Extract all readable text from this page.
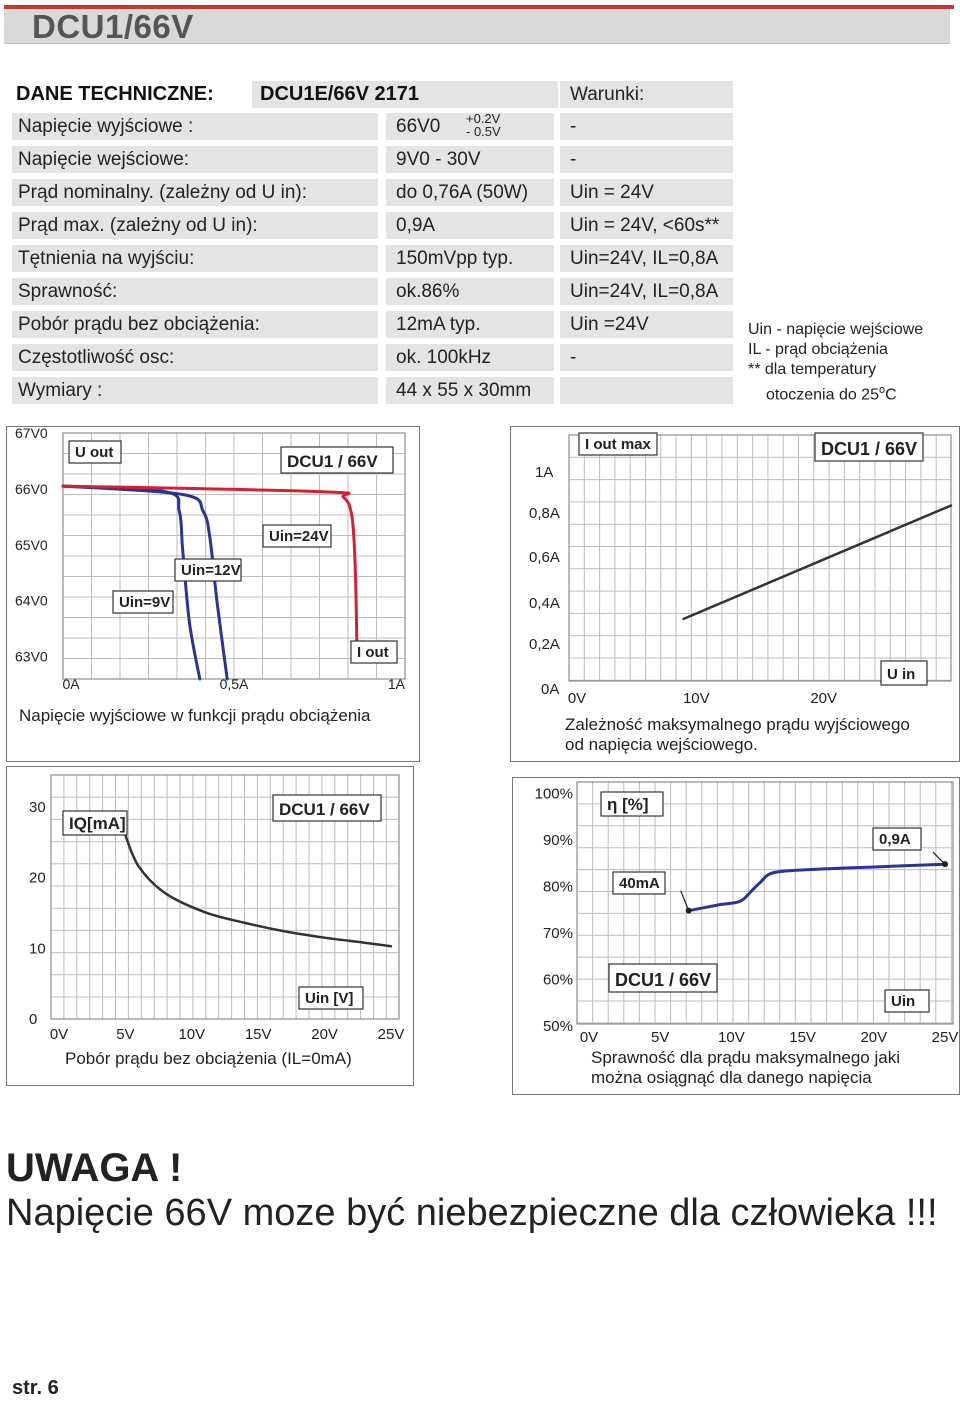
DCU1/66V
DANE TECHNICZNE:	DCU1E/66V 2171	Warunki:
Napięcie wyjściowe :	66V0	-
Napięcie wejściowe:	9V0 - 30V	-
Prąd nominalny. (zależny od U in):	do 0,76A (50W)	Uin = 24V
Prąd max. (zależny od U in):	0,9A	Uin = 24V, <60s**
Tętnienia na wyjściu:	150mVpp typ.	Uin=24V, IL=0,8A
Sprawność:	ok.86%	Uin=24V, IL=0,8A
Pobór prądu bez obciążenia:	12mA typ.	Uin =24V
Częstotliwość osc:	ok. 100kHz	-
Wymiary :	44 x 55 x 30mm
+0.2V
- 0.5V
Uin - napięcie wejściowe
IL - prąd obciążenia
** dla temperatury
otoczenia do 25$^o$C
67V0
66V0
65V0
64V0
63V0
0A	0,5A	1A
U out	DCU1 / 66V
Uin=9V
Uin=12V
Uin=24V
I out
Napięcie wyjściowe w funkcji prądu obciążenia
1A
0,8A
0,6A
0,4A
0,2A
0A
0V	10V	20V
I out max	DCU1 / 66V
U in
Zależność maksymalnego prądu wyjściowego
od napięcia wejściowego.
30
20
10
0
0V	5V	10V	15V	20V	25V
IQ[mA]
DCU1 / 66V
Uin [V]
Pobór prądu bez obciążenia (IL=0mA)
100%
90%
80%
70%
60%
50%
0V	5V	10V	15V	20V	25V
η [%]
40mA
0,9A
DCU1 / 66V
Uin
Sprawność dla prądu maksymalnego jaki
można osiągnąć dla danego napięcia
UWAGA !
Napięcie 66V moze być niebezpieczne dla człowieka !!!
str. 6
